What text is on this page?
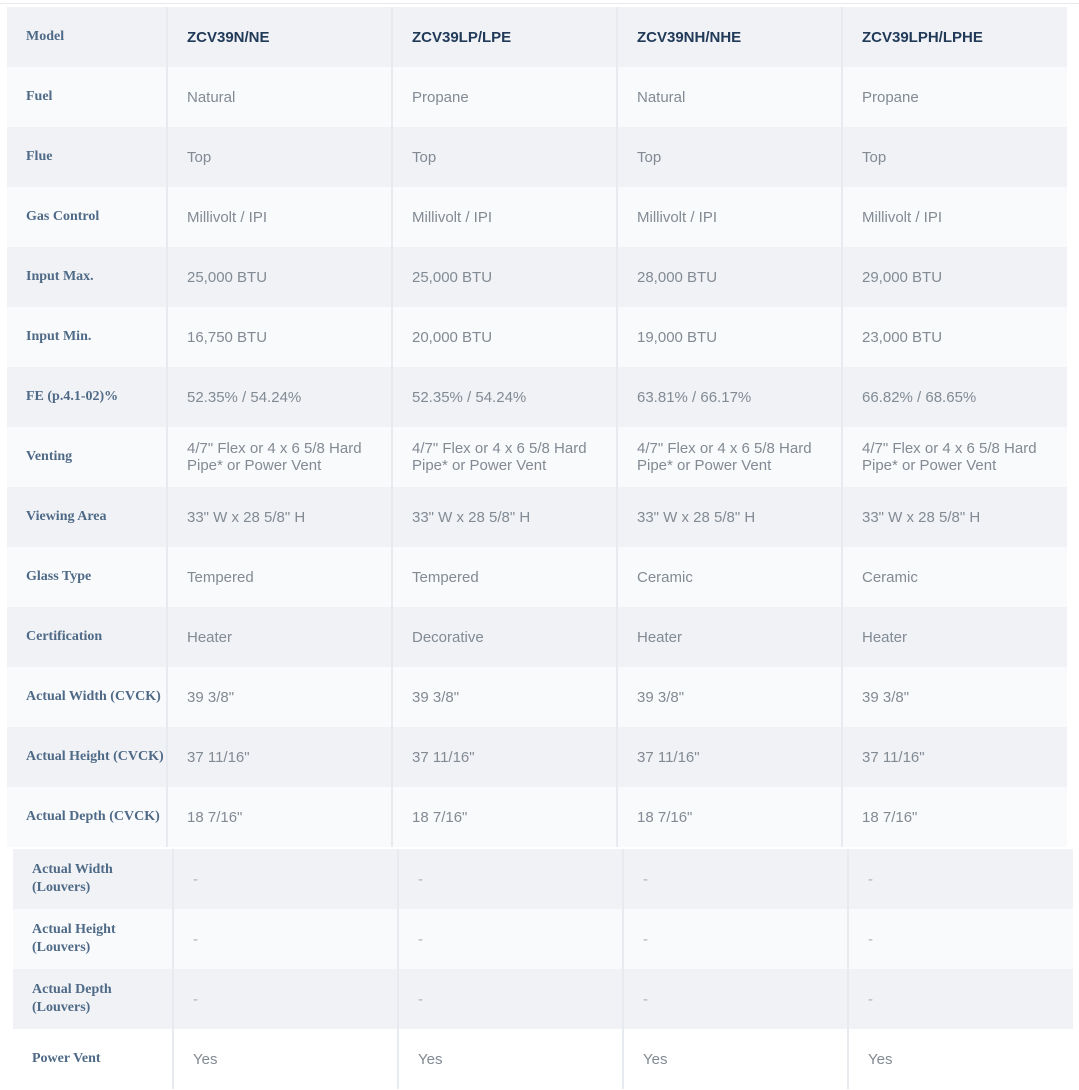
Model	ZCV39N/NE	ZCV39LP/LPE	ZCV39NH/NHE	ZCV39LPH/LPHE
Fuel	Natural	Propane	Natural	Propane
Flue	Top	Top	Top	Top
Gas Control	Millivolt / IPI	Millivolt / IPI	Millivolt / IPI	Millivolt / IPI
Input Max.	25,000 BTU	25,000 BTU	28,000 BTU	29,000 BTU
Input Min.	16,750 BTU	20,000 BTU	19,000 BTU	23,000 BTU
FE (p.4.1-02)%	52.35% / 54.24%	52.35% / 54.24%	63.81% / 66.17%	66.82% / 68.65%
Venting	4/7" Flex or 4 x 6 5/8 Hard Pipe* or Power Vent	4/7" Flex or 4 x 6 5/8 Hard Pipe* or Power Vent	4/7" Flex or 4 x 6 5/8 Hard Pipe* or Power Vent	4/7" Flex or 4 x 6 5/8 Hard Pipe* or Power Vent
Viewing Area	33" W x 28 5/8" H	33" W x 28 5/8" H	33" W x 28 5/8" H	33" W x 28 5/8" H
Glass Type	Tempered	Tempered	Ceramic	Ceramic
Certification	Heater	Decorative	Heater	Heater
Actual Width (CVCK)	39 3/8"	39 3/8"	39 3/8"	39 3/8"
Actual Height (CVCK)	37 11/16"	37 11/16"	37 11/16"	37 11/16"
Actual Depth (CVCK)	18 7/16"	18 7/16"	18 7/16"	18 7/16"
Actual Width (Louvers)	-	-	-	-
Actual Height (Louvers)	-	-	-	-
Actual Depth (Louvers)	-	-	-	-
Power Vent	Yes	Yes	Yes	Yes
